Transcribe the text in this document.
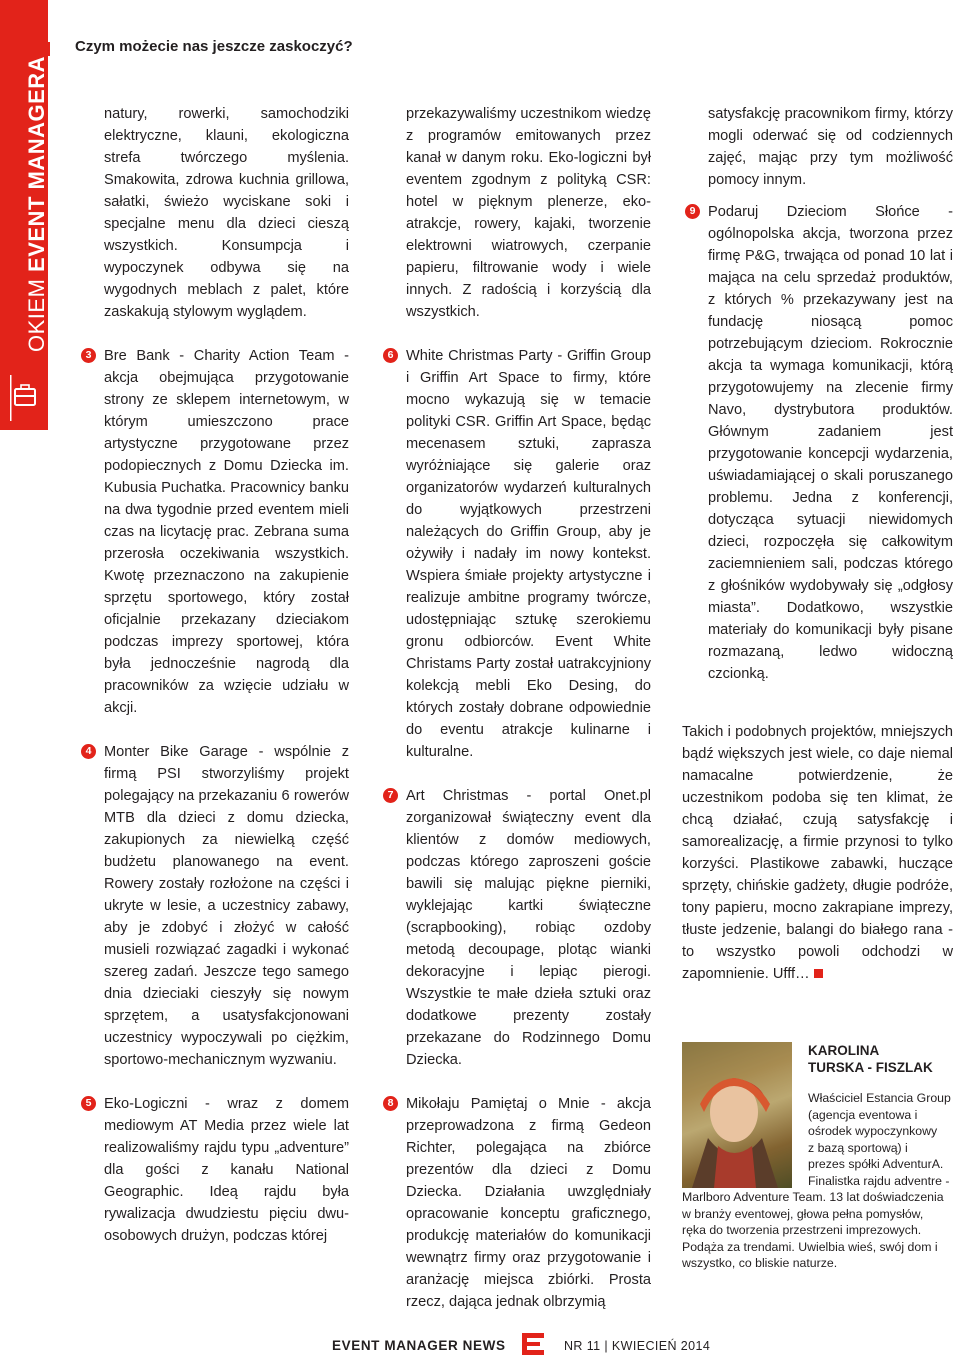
Czym możecie nas jeszcze zaskoczyć?
OKIEM EVENT MANAGERA	natury, rowerki, samochodziki elektryczne, klauni, ekologiczna strefa twórczego myślenia. Smakowita, zdrowa kuchnia grillowa, sałatki, świeżo wyciskane soki i specjalne menu dla dzieci cieszą wszystkich. Konsumpcja i wypoczynek odbywa się na wygodnych meblach z palet, które zaskakują stylowym wyglądem.

3 Bre Bank - Charity Action Team - akcja obejmująca przygotowanie strony ze sklepem internetowym, w którym umieszczono prace artystyczne przygotowane przez podopiecznych z Domu Dziecka im. Kubusia Puchatka. Pracownicy banku na dwa tygodnie przed eventem mieli czas na licytację prac. Zebrana suma przerosła oczekiwania wszystkich. Kwotę przeznaczono na zakupienie sprzętu sportowego, który został oficjalnie przekazany dzieciakom podczas imprezy sportowej, która była jednocześnie nagrodą dla pracowników za wzięcie udziału w akcji.

4 Monter Bike Garage - wspólnie z firmą PSI stworzyliśmy projekt polegający na przekazaniu 6 rowerów MTB dla dzieci z domu dziecka, zakupionych za niewielką część budżetu planowanego na event. Rowery zostały rozłożone na części i ukryte w lesie, a uczestnicy zabawy, aby je zdobyć i złożyć w całość musieli rozwiązać zagadki i wykonać szereg zadań. Jeszcze tego samego dnia dzieciaki cieszyły się nowym sprzętem, a usatysfakcjonowani uczestnicy wypoczywali po ciężkim, sportowo-mechanicznym wyzwaniu.

5 Eko-Logiczni - wraz z domem mediowym AT Media przez wiele lat realizowaliśmy rajdu typu „adventure” dla gości z kanału National Geographic. Ideą rajdu była rywalizacja dwudziestu pięciu dwu-osobowych drużyn, podczas której

przekazywaliśmy uczestnikom wiedzę z programów emitowanych przez kanał w danym roku. Eko-logiczni był eventem zgodnym z polityką CSR: hotel w pięknym plenerze, eko-atrakcje, rowery, kajaki, tworzenie elektrowni wiatrowych, czerpanie papieru, filtrowanie wody i wiele innych. Z radością i korzyścią dla wszystkich.

6 White Christmas Party - Griffin Group i Griffin Art Space to firmy, które mocno wykazują się w temacie polityki CSR. Griffin Art Space, będąc mecenasem sztuki, zaprasza wyróżniające się galerie oraz organizatorów wydarzeń kulturalnych do wyjątkowych przestrzeni należących do Griffin Group, aby je ożywiły i nadały im nowy kontekst. Wspiera śmiałe projekty artystyczne i realizuje ambitne programy twórcze, udostępniając sztukę szerokiemu gronu odbiorców. Event White Christams Party został uatrakcyjniony kolekcją mebli Eko Desing, do których zostały dobrane odpowiednie do eventu atrakcje kulinarne i kulturalne.

7 Art Christmas - portal Onet.pl zorganizował świąteczny event dla klientów z domów mediowych, podczas którego zaproszeni goście bawili się malując piękne pierniki, wyklejając kartki świąteczne (scrapbooking), robiąc ozdoby metodą decoupage, plotąc wianki dekoracyjne i lepiąc pierogi. Wszystkie te małe dzieła sztuki oraz dodatkowe prezenty zostały przekazane do Rodzinnego Domu Dziecka.

8 Mikołaju Pamiętaj o Mnie - akcja przeprowadzona z firmą Gedeon Richter, polegająca na zbiórce prezentów dla dzieci z Domu Dziecka. Działania uwzględniały opracowanie konceptu graficznego, produkcję materiałów do komunikacji wewnątrz firmy oraz przygotowanie i aranżację miejsca zbiórki. Prosta rzecz, dająca jednak olbrzymią

satysfakcję pracownikom firmy, którzy mogli oderwać się od codziennych zajęć, mając przy tym możliwość pomocy innym.

9 Podaruj Dzieciom Słońce - ogólnopolska akcja, tworzona przez firmę P&G, trwająca od ponad 10 lat i mająca na celu sprzedaż produktów, z których % przekazywany jest na fundację niosącą pomoc potrzebującym dzieciom. Rokrocznie akcja ta wymaga komunikacji, którą przygotowujemy na zlecenie firmy Navo, dystrybutora produktów. Głównym zadaniem jest przygotowanie koncepcji wydarzenia, uświadamiającej o skali poruszanego problemu. Jedna z konferencji, dotycząca sytuacji niewidomych dzieci, rozpoczęła się całkowitym zaciemnieniem sali, podczas którego z głośników wydobywały się „odgłosy miasta”. Dodatkowo, wszystkie materiały do komunikacji były pisane rozmazaną, ledwo widoczną czcionką.

Takich i podobnych projektów, mniejszych bądź większych jest wiele, co daje niemal namacalne potwierdzenie, że uczestnikom podoba się ten klimat, że chcą działać, czują satysfakcję i samorealizację, a firmie przynosi to tylko korzyści. Plastikowe zabawki, huczące sprzęty, chińskie gadżety, długie podróże, tony papieru, mocno zakrapiane imprezy, tłuste jedzenie, balangi do białego rana - to wszystko powoli odchodzi w zapomnienie. Ufff…

KAROLINA
TURSKA - FISZLAK
Właściciel Estancia Group
(agencja eventowa i
ośrodek wypoczynkowy
z bazą sportową) i
prezes spółki AdventurA.
Finalistka rajdu adventre -
Marlboro Adventure Team. 13 lat doświadczenia
w branży eventowej, głowa pełna pomysłów,
ręka do tworzenia przestrzeni imprezowych.
Podąża za trendami. Uwielbia wieś, swój dom i
wszystko, co bliskie naturze.
EVENT MANAGER NEWS	NR 11 | KWIECIEŃ 2014
